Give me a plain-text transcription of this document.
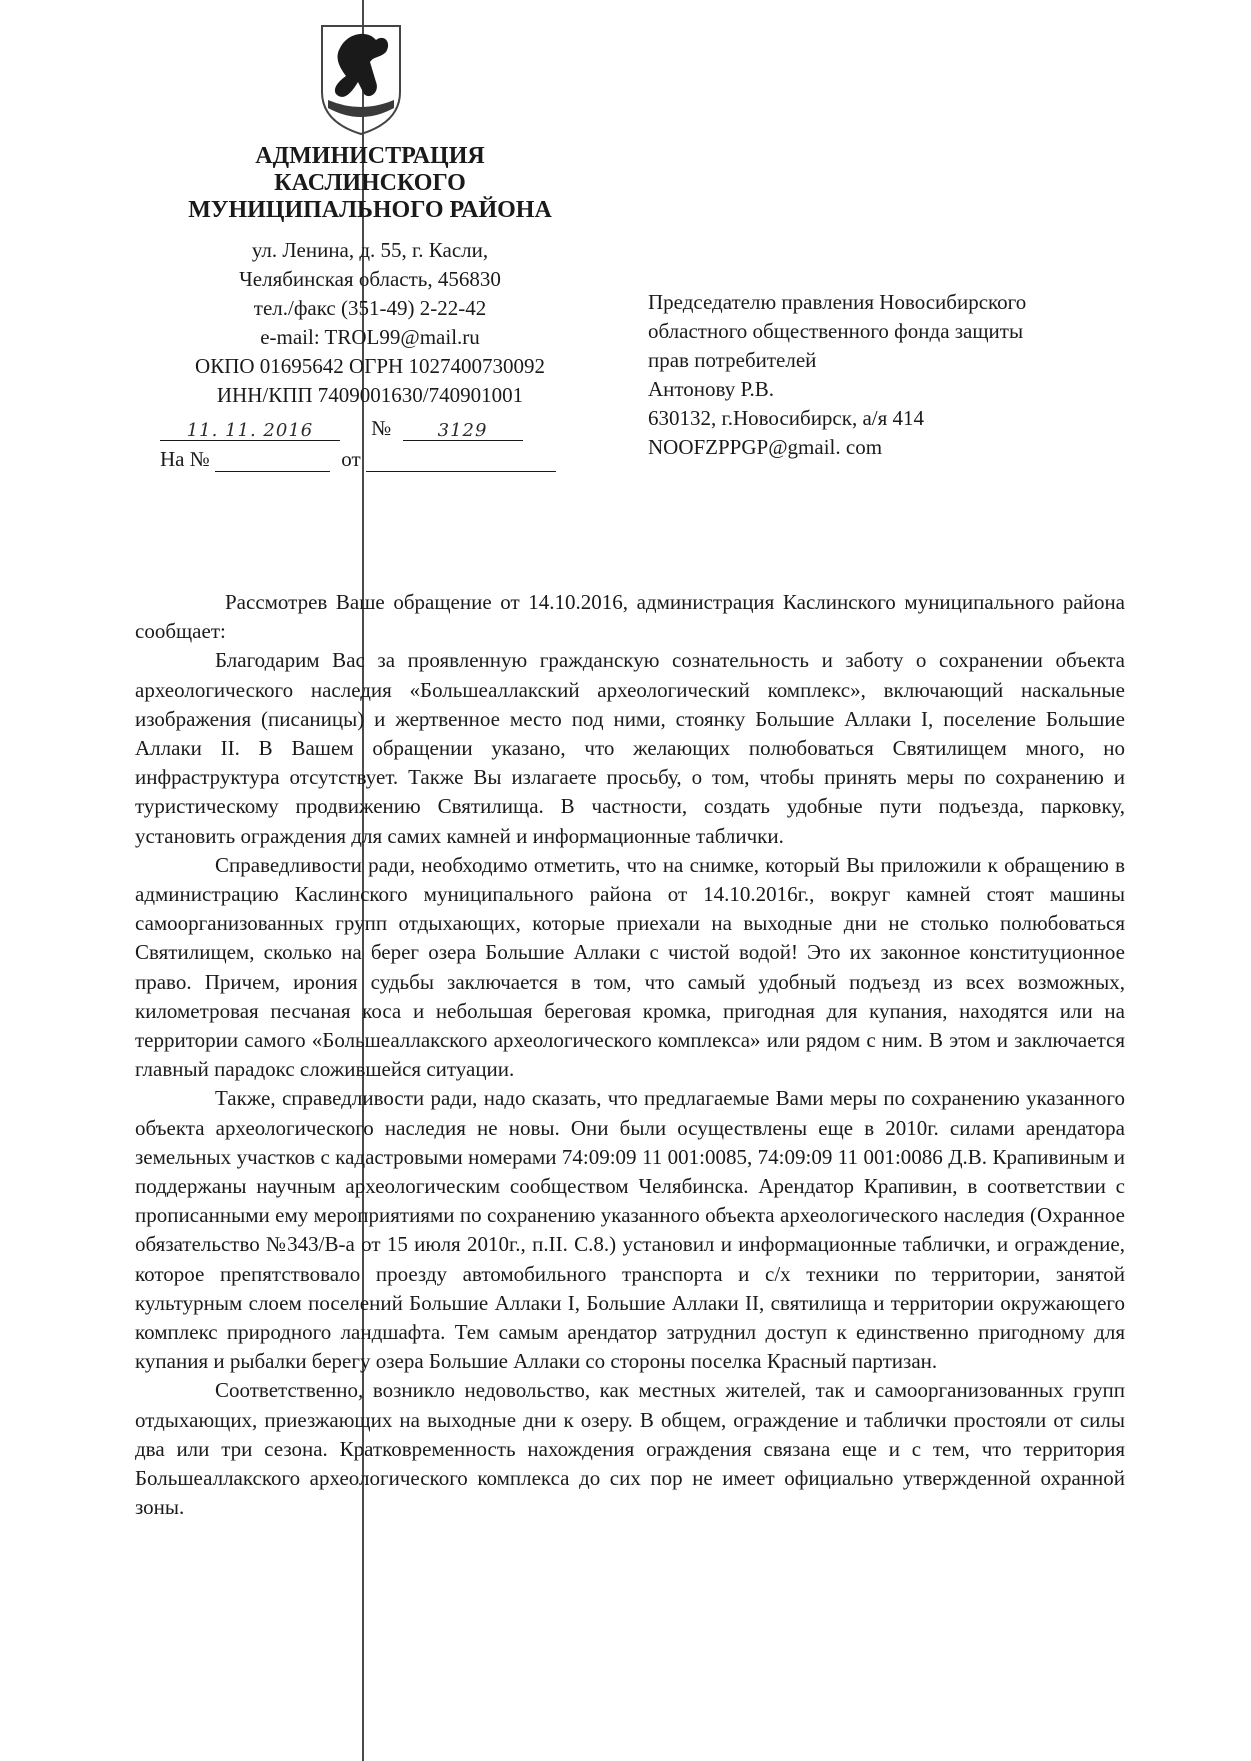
АДМИНИСТРАЦИЯ
КАСЛИНСКОГО
МУНИЦИПАЛЬНОГО РАЙОНА
ул. Ленина, д. 55, г. Касли,
Челябинская область, 456830
тел./факс (351-49) 2-22-42
e-mail: TROL99@mail.ru
ОКПО 01695642 ОГРН 1027400730092
ИНН/КПП 7409001630/740901001
11. 11. 2016	№	3129
На №	от
Председателю правления Новосибирского
областного общественного фонда защиты
прав потребителей
Антонову Р.В.
630132, г.Новосибирск, а/я 414
NOOFZPPGP@gmail. com

Рассмотрев Ваше обращение от 14.10.2016, администрация Каслинского муниципального района сообщает:

Благодарим Вас за проявленную гражданскую сознательность и заботу о сохранении объекта археологического наследия «Большеаллакский археологический комплекс», включающий наскальные изображения (писаницы) и жертвенное место под ними, стоянку Большие Аллаки I, поселение Большие Аллаки II. В Вашем обращении указано, что желающих полюбоваться Святилищем много, но инфраструктура отсутствует. Также Вы излагаете просьбу, о том, чтобы принять меры по сохранению и туристическому продвижению Святилища. В частности, создать удобные пути подъезда, парковку, установить ограждения для самих камней и информационные таблички.

Справедливости ради, необходимо отметить, что на снимке, который Вы приложили к обращению в администрацию Каслинского муниципального района от 14.10.2016г., вокруг камней стоят машины самоорганизованных групп отдыхающих, которые приехали на выходные дни не столько полюбоваться Святилищем, сколько на берег озера Большие Аллаки с чистой водой! Это их законное конституционное право. Причем, ирония судьбы заключается в том, что самый удобный подъезд из всех возможных, километровая песчаная коса и небольшая береговая кромка, пригодная для купания, находятся или на территории самого «Большеаллакского археологического комплекса» или рядом с ним. В этом и заключается главный парадокс сложившейся ситуации.

Также, справедливости ради, надо сказать, что предлагаемые Вами меры по сохранению указанного объекта археологического наследия не новы. Они были осуществлены еще в 2010г. силами арендатора земельных участков с кадастровыми номерами 74:09:09 11 001:0085, 74:09:09 11 001:0086 Д.В. Крапивиным и поддержаны научным археологическим сообществом Челябинска. Арендатор Крапивин, в соответствии с прописанными ему мероприятиями по сохранению указанного объекта археологического наследия (Охранное обязательство №343/В-а от 15 июля 2010г., п.II. С.8.) установил и информационные таблички, и ограждение, которое препятствовало проезду автомобильного транспорта и с/х техники по территории, занятой культурным слоем поселений Большие Аллаки I, Большие Аллаки II, святилища и территории окружающего комплекс природного ландшафта. Тем самым арендатор затруднил доступ к единственно пригодному для купания и рыбалки берегу озера Большие Аллаки со стороны поселка Красный партизан.

Соответственно, возникло недовольство, как местных жителей, так и самоорганизованных групп отдыхающих, приезжающих на выходные дни к озеру. В общем, ограждение и таблички простояли от силы два или три сезона. Кратковременность нахождения ограждения связана еще и с тем, что территория Большеаллакского археологического комплекса до сих пор не имеет официально утвержденной охранной зоны.
